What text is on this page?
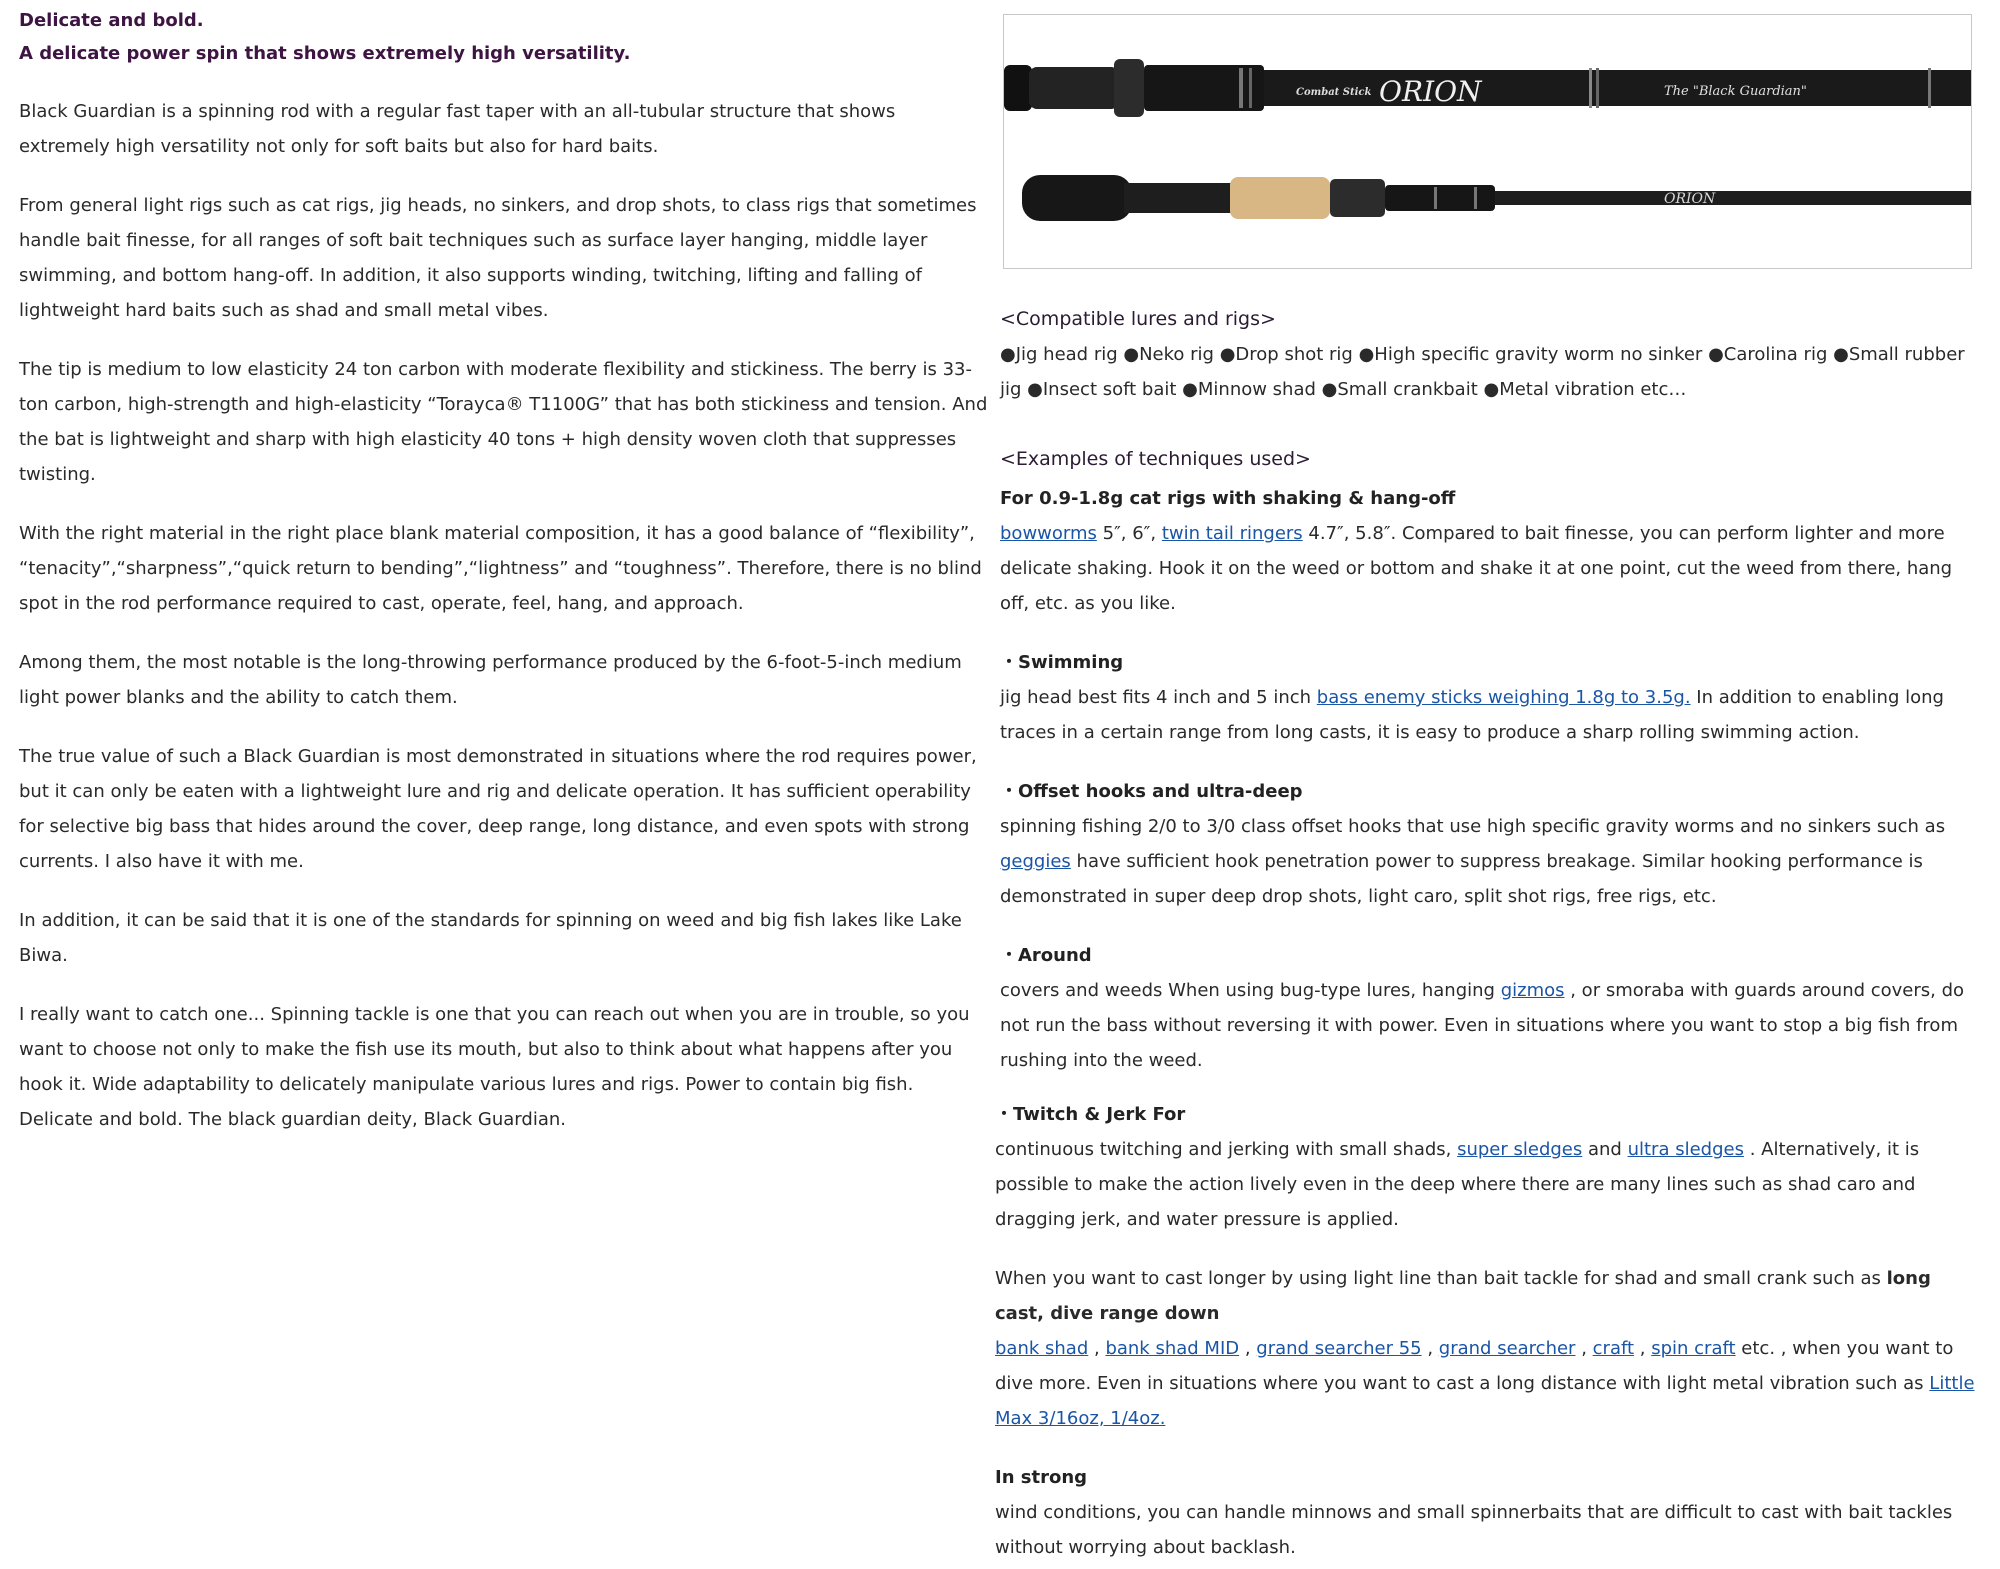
Delicate and bold.

A delicate power spin that shows extremely high versatility.

Black Guardian is a spinning rod with a regular fast taper with an all-tubular structure that shows extremely high versatility not only for soft baits but also for hard baits.

From general light rigs such as cat rigs, jig heads, no sinkers, and drop shots, to class rigs that sometimes handle bait finesse, for all ranges of soft bait techniques such as surface layer hanging, middle layer swimming, and bottom hang-off. In addition, it also supports winding, twitching, lifting and falling of lightweight hard baits such as shad and small metal vibes.

The tip is medium to low elasticity 24 ton carbon with moderate flexibility and stickiness. The berry is 33-ton carbon, high-strength and high-elasticity “Torayca® T1100G” that has both stickiness and tension. And the bat is lightweight and sharp with high elasticity 40 tons + high density woven cloth that suppresses twisting.

With the right material in the right place blank material composition, it has a good balance of “flexibility”, “tenacity”,“sharpness”,“quick return to bending”,“lightness” and “toughness”. Therefore, there is no blind spot in the rod performance required to cast, operate, feel, hang, and approach.

Among them, the most notable is the long-throwing performance produced by the 6-foot-5-inch medium light power blanks and the ability to catch them.

The true value of such a Black Guardian is most demonstrated in situations where the rod requires power, but it can only be eaten with a lightweight lure and rig and delicate operation. It has sufficient operability for selective big bass that hides around the cover, deep range, long distance, and even spots with strong currents. I also have it with me.

In addition, it can be said that it is one of the standards for spinning on weed and big fish lakes like Lake Biwa.

I really want to catch one... Spinning tackle is one that you can reach out when you are in trouble, so you want to choose not only to make the fish use its mouth, but also to think about what happens after you hook it. Wide adaptability to delicately manipulate various lures and rigs. Power to contain big fish. Delicate and bold. The black guardian deity, Black Guardian.

Combat Stick ORION	The "Black Guardian"
ORION
<Compatible lures and rigs>

●Jig head rig ●Neko rig ●Drop shot rig ●High specific gravity worm no sinker ●Carolina rig ●Small rubber jig ●Insect soft bait ●Minnow shad ●Small crankbait ●Metal vibration etc…

<Examples of techniques used>

For 0.9-1.8g cat rigs with shaking & hang-off

bowworms 5″, 6″, twin tail ringers 4.7″, 5.8″. Compared to bait finesse, you can perform lighter and more delicate shaking. Hook it on the weed or bottom and shake it at one point, cut the weed from there, hang off, etc. as you like.

・Swimming

jig head best fits 4 inch and 5 inch bass enemy sticks weighing 1.8g to 3.5g. In addition to enabling long traces in a certain range from long casts, it is easy to produce a sharp rolling swimming action.

・Offset hooks and ultra-deep

spinning fishing 2/0 to 3/0 class offset hooks that use high specific gravity worms and no sinkers such as geggies have sufficient hook penetration power to suppress breakage. Similar hooking performance is demonstrated in super deep drop shots, light caro, split shot rigs, free rigs, etc.

・Around

covers and weeds When using bug-type lures, hanging gizmos , or smoraba with guards around covers, do not run the bass without reversing it with power. Even in situations where you want to stop a big fish from rushing into the weed.

・Twitch & Jerk For

continuous twitching and jerking with small shads, super sledges and ultra sledges . Alternatively, it is possible to make the action lively even in the deep where there are many lines such as shad caro and dragging jerk, and water pressure is applied.

When you want to cast longer by using light line than bait tackle for shad and small crank such as long cast, dive range down
bank shad , bank shad MID , grand searcher 55 , grand searcher , craft , spin craft etc. , when you want to dive more. Even in situations where you want to cast a long distance with light metal vibration such as Little Max 3/16oz, 1/4oz.

In strong

wind conditions, you can handle minnows and small spinnerbaits that are difficult to cast with bait tackles without worrying about backlash.
